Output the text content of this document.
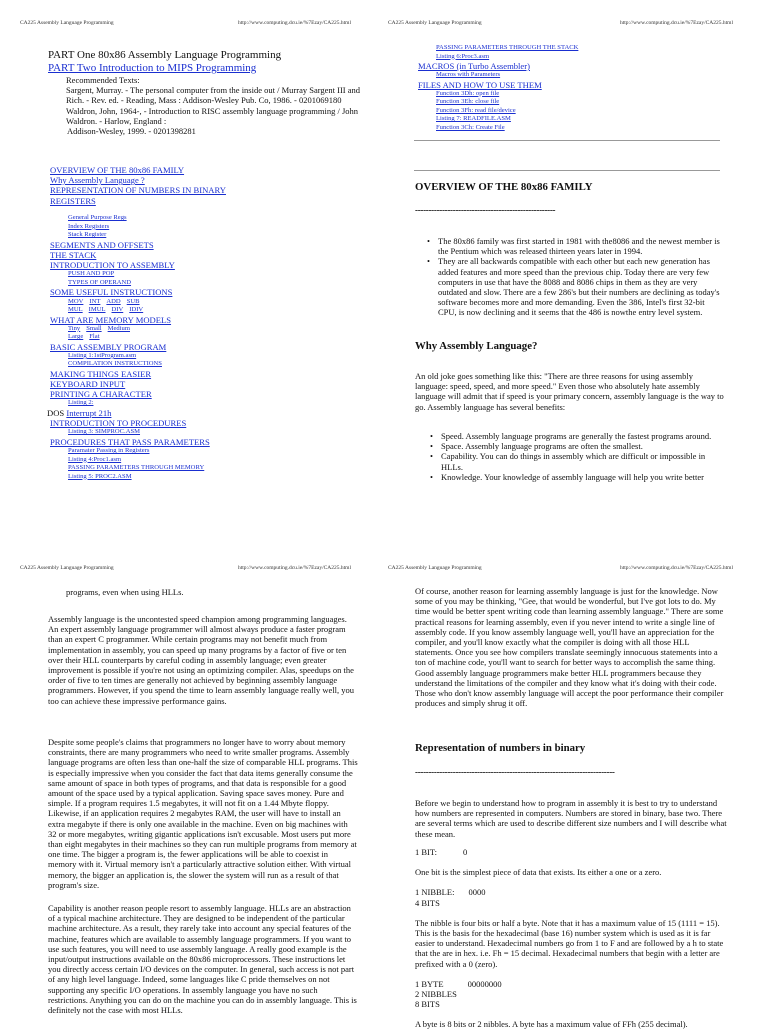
CA225 Assembly Language Programming	http://www.computing.dcu.ie/%7Ezay/CA225.html
PART One 80x86 Assembly Language Programming
PART Two Introduction to MIPS Programming
Recommended Texts:
Sargent, Murray. - The personal computer from the inside out / Murray Sargent III and Rich. - Rev. ed. - Reading, Mass : Addison-Wesley Pub. Co, 1986. - 0201069180
Waldron, John, 1964-, - Introduction to RISC assembly language programming / John Waldron. - Harlow, England :
Addison-Wesley, 1999. - 0201398281
OVERVIEW OF THE 80x86 FAMILY
Why Assembly Language ?
REPRESENTATION OF NUMBERS IN BINARY
REGISTERS
General Purpose Regs
Index Registers
Stack Register
SEGMENTS AND OFFSETS
THE STACK
INTRODUCTION TO ASSEMBLY
PUSH AND POP
TYPES OF OPERAND
SOME USEFUL INSTRUCTIONS
MOV INT ADD SUB
MUL IMUL DIV IDIV
WHAT ARE MEMORY MODELS
Tiny Small Medium
Large Flat
BASIC ASSEMBLY PROGRAM
Listing 1:1stProgram.asm
COMPILATION INSTRUCTIONS
MAKING THINGS EASIER
KEYBOARD INPUT
PRINTING A CHARACTER
Listing 2:
DOS Interrupt 21h
INTRODUCTION TO PROCEDURES
Listing 3: SIMPROC.ASM
PROCEDURES THAT PASS PARAMETERS
Paramater Passing in Registers
Listing 4:Proc1.asm
PASSING PARAMETERS THROUGH MEMORY
Listing 5: PROC2.ASM
CA225 Assembly Language Programming	http://www.computing.dcu.ie/%7Ezay/CA225.html
OVERVIEW OF THE 80x86 FAMILY
----------------------------------------------------
• The 80x86 family was first started in 1981 with the8086 and the newest member is the Pentium which was released thirteen years later in 1994.
• They are all backwards compatible with each other but each new generation has added features and more speed than the previous chip. Today there are very few computers in use that have the 8088 and 8086 chips in them as they are very outdated and slow. There are a few 286's but their numbers are declining as today's software becomes more and more demanding. Even the 386, Intel's first 32-bit CPU, is now declining and it seems that the 486 is nowthe entry level system.
Why Assembly Language?
An old joke goes something like this: "There are three reasons for using assembly language: speed, speed, and more speed." Even those who absolutely hate assembly language will admit that if speed is your primary concern, assembly language is the way to go. Assembly language has several benefits:
• Speed. Assembly language programs are generally the fastest programs around.
• Space. Assembly language programs are often the smallest.
• Capability. You can do things in assembly which are difficult or impossible in HLLs.
• Knowledge. Your knowledge of assembly language will help you write better
PASSING PARAMETERS THROUGH THE STACK
Listing 6:Proc3.asm
MACROS (in Turbo Assembler)
Macros with Parameters
FILES AND HOW TO USE THEM
Function 3Dh: open file
Function 3Eh: close file
Function 3Fh: read file/device
Listing 7: READFILE.ASM
Function 3Ch: Create File
CA225 Assembly Language Programming	http://www.computing.dcu.ie/%7Ezay/CA225.html
programs, even when using HLLs.
Assembly language is the uncontested speed champion among programming languages. An expert assembly language programmer will almost always produce a faster program than an expert C programmer. While certain programs may not benefit much from implementation in assembly, you can speed up many programs by a factor of five or ten over their HLL counterparts by careful coding in assembly language; even greater improvement is possible if you're not using an optimizing compiler. Alas, speedups on the order of five to ten times are generally not achieved by beginning assembly language programmers. However, if you spend the time to learn assembly language really well, you too can achieve these impressive performance gains.
Despite some people's claims that programmers no longer have to worry about memory constraints, there are many programmers who need to write smaller programs. Assembly language programs are often less than one-half the size of comparable HLL programs. This is especially impressive when you consider the fact that data items generally consume the same amount of space in both types of programs, and that data is responsible for a good amount of the space used by a typical application. Saving space saves money. Pure and simple. If a program requires 1.5 megabytes, it will not fit on a 1.44 Mbyte floppy. Likewise, if an application requires 2 megabytes RAM, the user will have to install an extra megabyte if there is only one available in the machine. Even on big machines with 32 or more megabytes, writing gigantic applications isn't excusable. Most users put more than eight megabytes in their machines so they can run multiple programs from memory at one time. The bigger a program is, the fewer applications will be able to coexist in memory with it. Virtual memory isn't a particularly attractive solution either. With virtual memory, the bigger an application is, the slower the system will run as a result of that program's size.
Capability is another reason people resort to assembly language. HLLs are an abstraction of a typical machine architecture. They are designed to be independent of the particular machine architecture. As a result, they rarely take into account any special features of the machine, features which are available to assembly language programmers. If you want to use such features, you will need to use assembly language. A really good example is the input/output instructions available on the 80x86 microprocessors. These instructions let you directly access certain I/O devices on the computer. In general, such access is not part of any high level language. Indeed, some languages like C pride themselves on not supporting any specific I/O operations. In assembly language you have no such restrictions. Anything you can do on the machine you can do in assembly language. This is definitely not the case with most HLLs.
CA225 Assembly Language Programming	http://www.computing.dcu.ie/%7Ezay/CA225.html
Of course, another reason for learning assembly language is just for the knowledge. Now some of you may be thinking, "Gee, that would be wonderful, but I've got lots to do. My time would be better spent writing code than learning assembly language." There are some practical reasons for learning assembly, even if you never intend to write a single line of assembly code. If you know assembly language well, you'll have an appreciation for the compiler, and you'll know exactly what the compiler is doing with all those HLL statements. Once you see how compilers translate seemingly innocuous statements into a ton of machine code, you'll want to search for better ways to accomplish the same thing. Good assembly language programmers make better HLL programmers because they understand the limitations of the compiler and they know what it's doing with their code. Those who don't know assembly language will accept the poor performance their compiler produces and simply shrug it off.
Representation of numbers in binary
--------------------------------------------------------------------------
Before we begin to understand how to program in assembly it is best to try to understand how numbers are represented in computers. Numbers are stored in binary, base two. There are several terms which are used to describe different size numbers and I will describe what these mean.
1 BIT:	0
One bit is the simplest piece of data that exists. Its either a one or a zero.
1 NIBBLE: 0000
4 BITS
The nibble is four bits or half a byte. Note that it has a maximum value of 15 (1111 = 15). This is the basis for the hexadecimal (base 16) number system which is used as it is far easier to understand. Hexadecimal numbers go from 1 to F and are followed by a h to state that the are in hex. i.e. Fh = 15 decimal. Hexadecimal numbers that begin with a letter are prefixed with a 0 (zero).
1 BYTE	00000000
2 NIBBLES
8 BITS
A byte is 8 bits or 2 nibbles. A byte has a maximum value of FFh (255 decimal).
